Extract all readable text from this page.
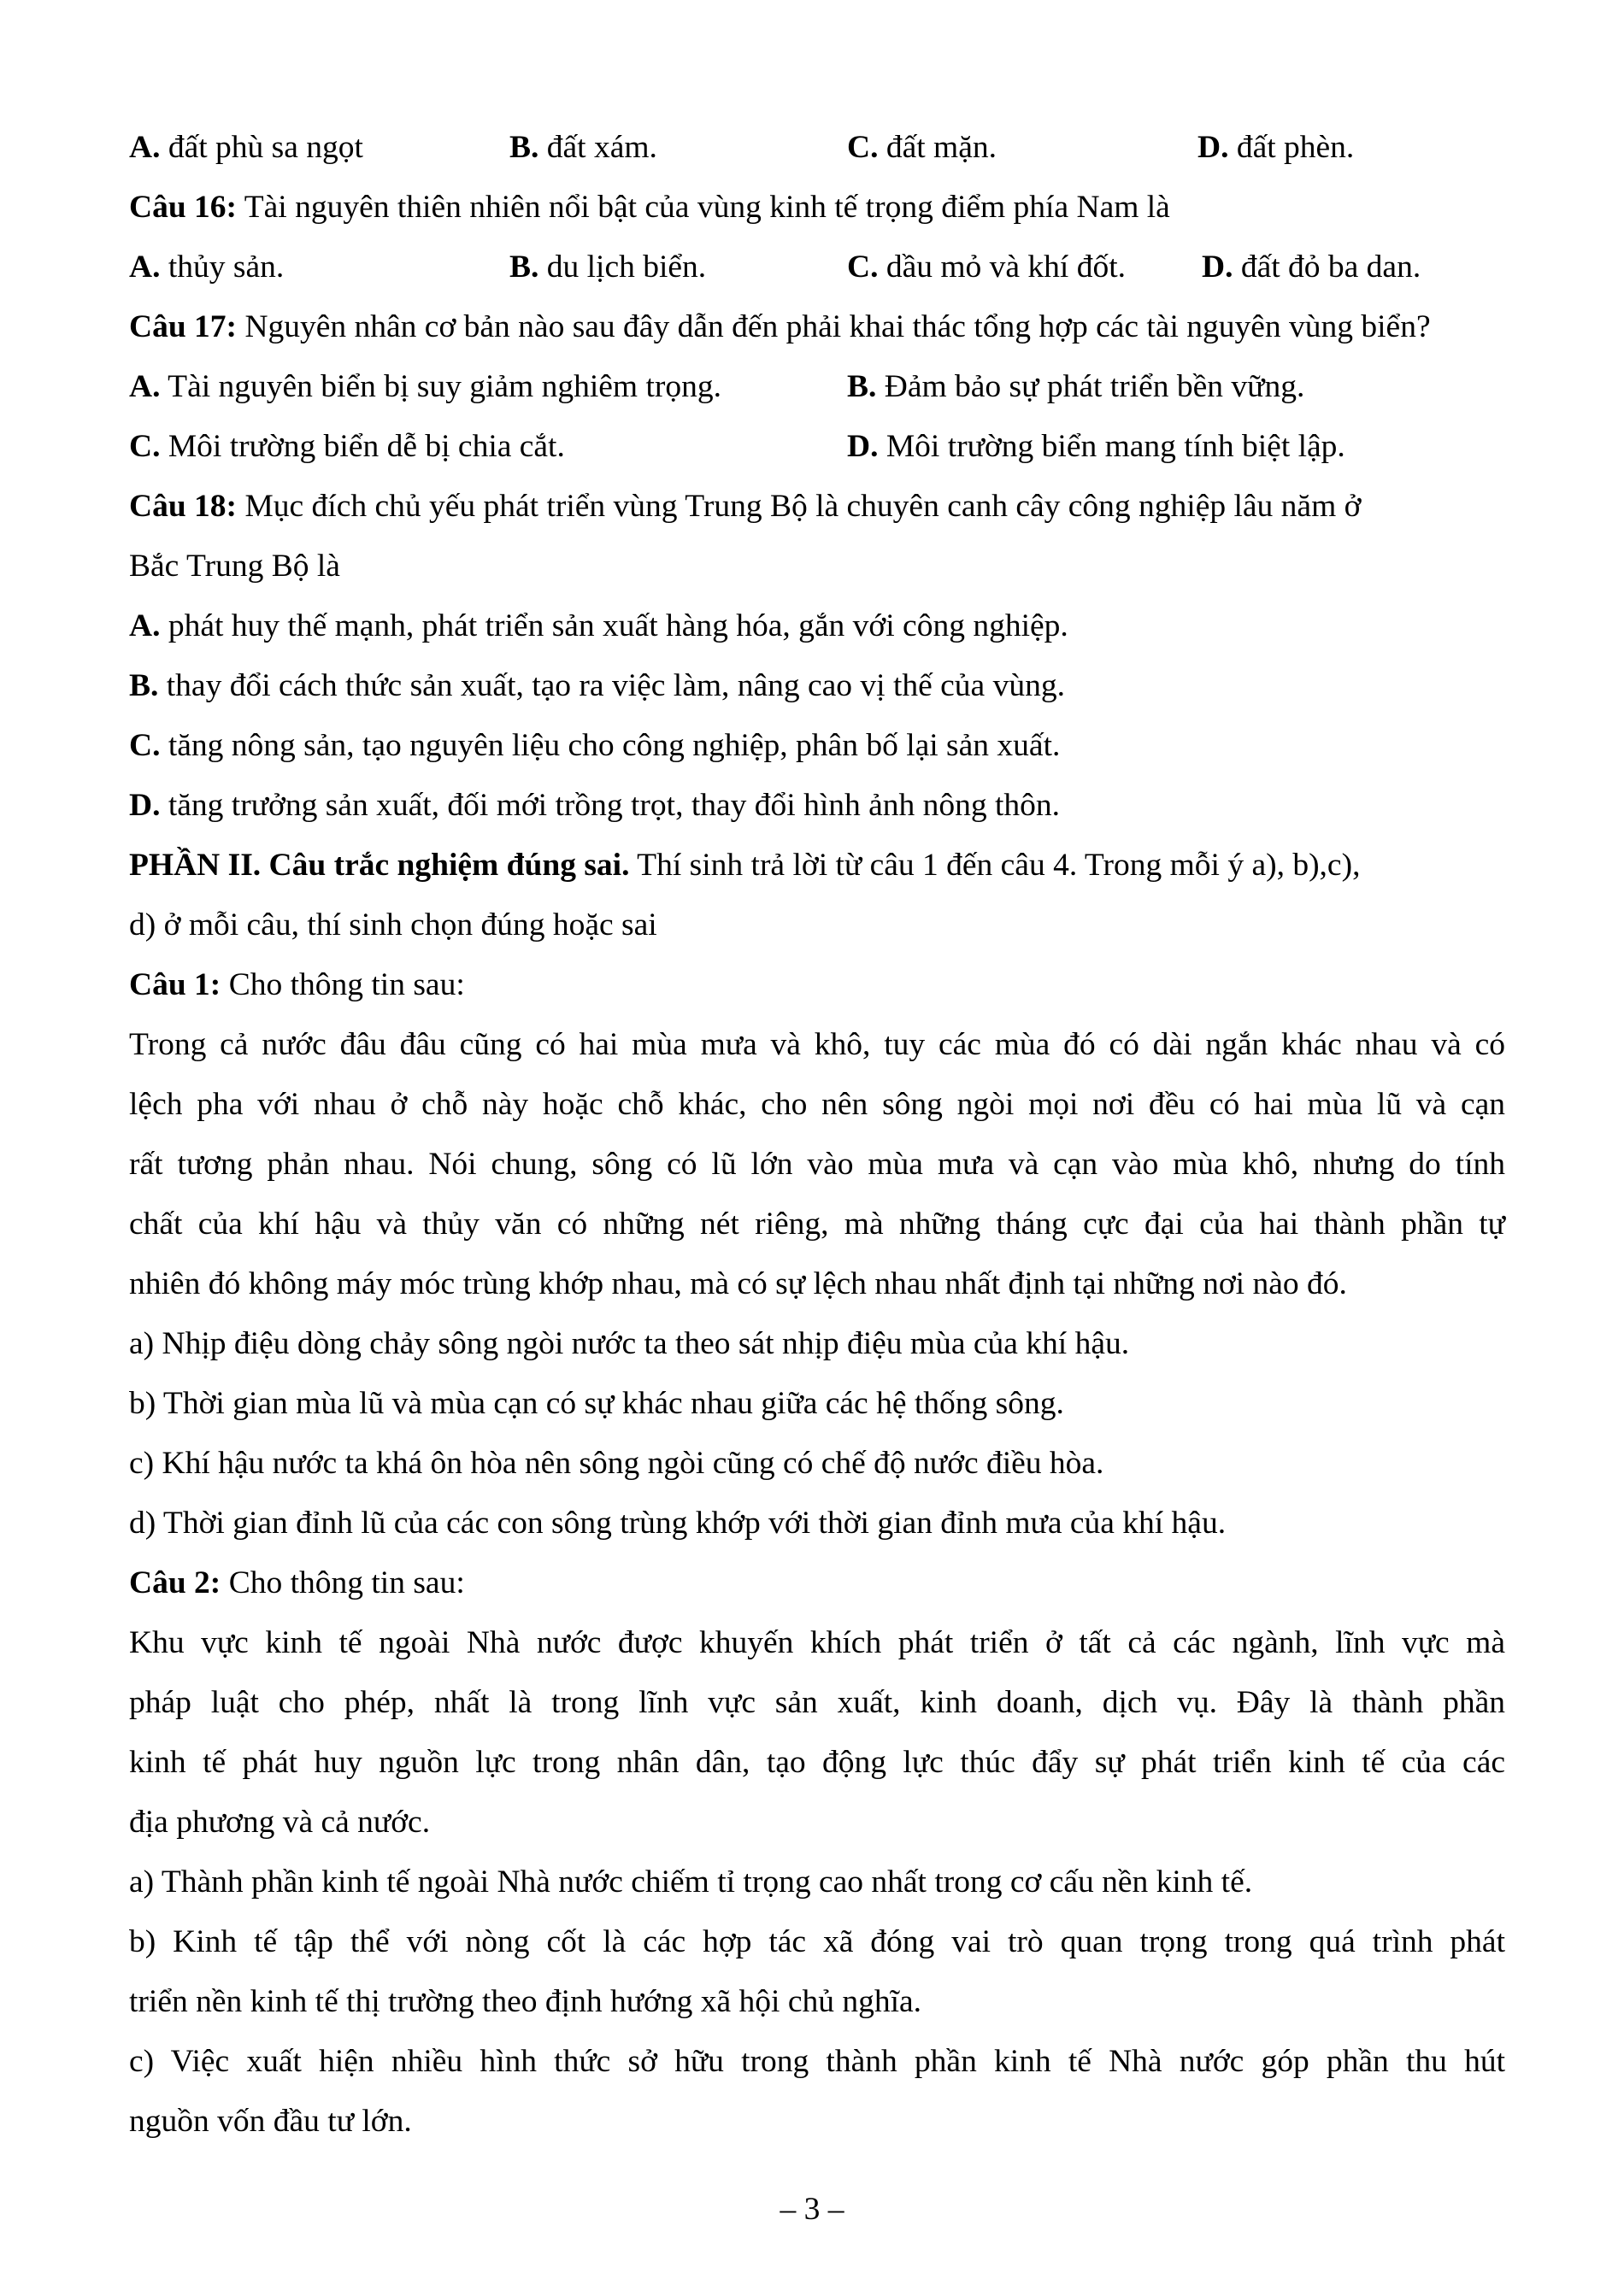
A. đất phù sa ngọt	B. đất xám.	C. đất mặn.	D. đất phèn.
Câu 16: Tài nguyên thiên nhiên nổi bật của vùng kinh tế trọng điểm phía Nam là
A. thủy sản.	B. du lịch biển.	C. dầu mỏ và khí đốt.	D. đất đỏ ba dan.
Câu 17: Nguyên nhân cơ bản nào sau đây dẫn đến phải khai thác tổng hợp các tài nguyên vùng biển?
A. Tài nguyên biển bị suy giảm nghiêm trọng.	B. Đảm bảo sự phát triển bền vững.
C. Môi trường biển dễ bị chia cắt.	D. Môi trường biển mang tính biệt lập.
Câu 18: Mục đích chủ yếu phát triển vùng Trung Bộ là chuyên canh cây công nghiệp lâu năm ở
Bắc Trung Bộ là
A. phát huy thế mạnh, phát triển sản xuất hàng hóa, gắn với công nghiệp.
B. thay đổi cách thức sản xuất, tạo ra việc làm, nâng cao vị thế của vùng.
C. tăng nông sản, tạo nguyên liệu cho công nghiệp, phân bố lại sản xuất.
D. tăng trưởng sản xuất, đối mới trồng trọt, thay đổi hình ảnh nông thôn.
PHẦN II. Câu trắc nghiệm đúng sai. Thí sinh trả lời từ câu 1 đến câu 4. Trong mỗi ý a), b),c),
d) ở mỗi câu, thí sinh chọn đúng hoặc sai
Câu 1: Cho thông tin sau:
Trong cả nước đâu đâu cũng có hai mùa mưa và khô, tuy các mùa đó có dài ngắn khác nhau và có
lệch pha với nhau ở chỗ này hoặc chỗ khác, cho nên sông ngòi mọi nơi đều có hai mùa lũ và cạn
rất tương phản nhau. Nói chung, sông có lũ lớn vào mùa mưa và cạn vào mùa khô, nhưng do tính
chất của khí hậu và thủy văn có những nét riêng, mà những tháng cực đại của hai thành phần tự
nhiên đó không máy móc trùng khớp nhau, mà có sự lệch nhau nhất định tại những nơi nào đó.
a) Nhịp điệu dòng chảy sông ngòi nước ta theo sát nhịp điệu mùa của khí hậu.
b) Thời gian mùa lũ và mùa cạn có sự khác nhau giữa các hệ thống sông.
c) Khí hậu nước ta khá ôn hòa nên sông ngòi cũng có chế độ nước điều hòa.
d) Thời gian đỉnh lũ của các con sông trùng khớp với thời gian đỉnh mưa của khí hậu.
Câu 2: Cho thông tin sau:
Khu vực kinh tế ngoài Nhà nước được khuyến khích phát triển ở tất cả các ngành, lĩnh vực mà
pháp luật cho phép, nhất là trong lĩnh vực sản xuất, kinh doanh, dịch vụ. Đây là thành phần
kinh tế phát huy nguồn lực trong nhân dân, tạo động lực thúc đẩy sự phát triển kinh tế của các
địa phương và cả nước.
a) Thành phần kinh tế ngoài Nhà nước chiếm tỉ trọng cao nhất trong cơ cấu nền kinh tế.
b) Kinh tế tập thể với nòng cốt là các hợp tác xã đóng vai trò quan trọng trong quá trình phát
triển nền kinh tế thị trường theo định hướng xã hội chủ nghĩa.
c) Việc xuất hiện nhiều hình thức sở hữu trong thành phần kinh tế Nhà nước góp phần thu hút
nguồn vốn đầu tư lớn.
– 3 –
